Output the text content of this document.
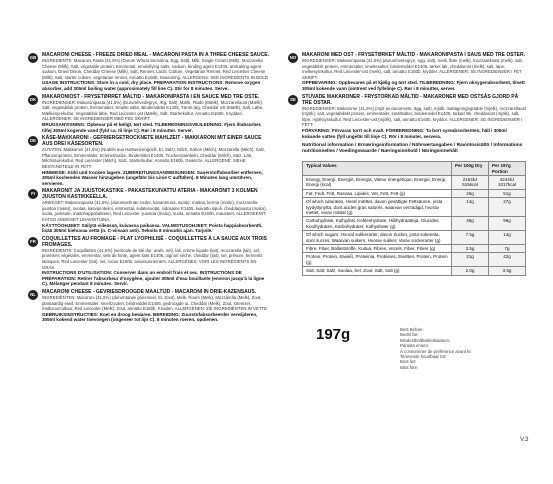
GB	MACARONI CHEESE - FREEZE DRIED MEAL - MACARONI PASTA IN A THREE CHEESE SAUCE.
INGREDIENTS: Macaroni Pasta (41.5%) (Durum Wheat Semolina, Egg, Salt), Milk, Single Cream (Milk), Mozzarella Cheese (Milk), Salt, vegetable protein, Emmental, emulsifying salts, sodium, binding agent E1405, anticaking agent sodium, Dried Onion, Cheddar Cheese (Milk), Salt, Rennet, Lactic Culture, Vegetarian Rennet, Red Leicester Cheese (Milk), Salt, starter culture, vegetarian rennet, Annatto E160b, Seasoning. ALLERGENS: SEE INGREDIENTS IN BOLD
USAGE INSTRUCTIONS: Store in a cool, dry place. PREPARATION INSTRUCTIONS: Remove oxygen absorber, add 305ml boiling water (approximately fill line C). Stir for 8 minutes. Serve.
DK	MAKARONIOST - FRYSETØRRET MÅLTID - MAKARONIPASTA I EN SAUCE MED TRE OSTE.
INGREDIENSER: Makaronipasta (41,5%) (Durumhvedegryn, Æg, Salt), Mælk, Fløde (Mælk), Mozzarellaost (Mælk), Salt, vegetabilsk protein, Emmentaler, Smelte salte, Bindemiddel E1405, Tørret løg, Cheddar ost (Mælk), Salt, Løbe, Mælkesyrekultur, Vegetabilsk løbe, Red Leicester ost (Mælk), Salt, Starterkultur, Annatto E160b, Krydderi. ALLERGENER: SE INGREDIENSER MED FED SKRIFT.
BRUGSANVISNING: Opbevar på et køligt, tørt sted. TILBEREDNINGSVEJLEDNING: Fjern iltabsorber, tilføj 305ml kogende vand (fyld ca. til linje C). Rør i 8 minutter. Server.
DE	KÄSE-MAKKARONI - GEFRIERGETROCKNETE MAHLZEIT - MAKKARONI MIT EINER SAUCE AUS DREI KÄSESORTEN.
ZUTATEN: Makkaroni (41,5%) (Nudeln aus Hartweizengrieß, Ei, Salz), Milch, Sahne (Milch), Mozzarella (Milch), Salz, Pflanzenprotein, Emmentaler, Schmelzsalze, Bindemittel E1405, Trockenzwiebeln, Cheddar (Milch), Salz, Lab, Milchsäurekultur, Red Leicester (Milch), Salz, Starterkultur, Annatto E160b, Gewürze. ALLERGENE: SIEHE BESTANDTEILE IN FETT.
HINWEISE: Kühl und trocken lagern. ZUBEREITUNGSANWEISUNGEN: Sauerstoffabsorber entfernen, 305ml kochendes Wasser hinzugeben (ungefähr bis Linie C auffüllen). 8 Minuten lang umrühren, servieren.
FI	MAKARONIT JA JUUSTOKASTIKE - PAKASTEKUIVATTU ATERIA - MAKARONIT 3 KOLMEN JUUSTON KASTIKKEELLA.
AINEKSET: Makaronipasta (41,5%) (durumvehnän rouhe, kananmuna, suola), maitoa, kerma (maito), mozzarella-juustoa (maito), suolaa, kasviproteiini, emmental, sulatesuolat, sidosaine E1405, kuivattu sipuli, cheddarjuusto (maito), suola, juoksute, maitohappobakteeri, Red Leicester -juustoa (maito), suola, annatto E160b, mausteet. ALLERGEENIT: KATSO AINEKSET LIHAVOITUINA.
KÄYTTÖOHJEET: Säilytä viileässä, kuivassa paikassa. VALMISTUSOHJEET: Poista happiabsorbentti, lisää 305ml kiehuvaa vettä (n. C-viivaan asti). Sekoita 8 minuutin ajan. Tarjoile.
FR	COQUILLETTES AU FROMAGE - PLAT LYOPHILISÉ - COQUILLETTES À LA SAUCE AUX TROIS FROMAGES.
INGRÉDIENTS: Coquillettes (41,5%) (semoule de blé dur, œufs, sel), lait, crème liquide (lait), mozzarella (lait), sel, protéines végétales, emmental, sels de fonte, agent liant E1405, oignon séché, cheddar (lait), sel, présure, ferments lactiques, Red Leicester (lait), sel, rocou E160b, assaisonnement. ALLERGÈNES: VOIR LES INGRÉDIENTS EN GRAS.
INSTRUCTIONS D'UTILISATION: Conserver dans un endroit frais et sec. INSTRUCTIONS DE PRÉPARATION: Retirer l'absorbeur d'oxygène, ajouter 305ml d'eau bouillante (environ jusqu'à la ligne C). Mélanger pendant 8 minutes. Servir.
NL	MACARONI CHEESE - GEVRIESDROOGDE MAALTIJD - MACARONI IN DRIE-KAZENSAUS.
INGREDIËNTEN: Macaroni (41,5%) (durumtarwe griesmeel, Ei, Zout), Melk, Room (Melk), Mozzarella (Melk), Zout, plantaardig eiwit, Emmentaler, smeltzouten, bindmiddel E1405, gedroogde ui, Cheddar (Melk), Zout, stremsel, melkzuurcultuur, Red Leicester (Melk), Zout, annatto E160b, Kruiden. ALLERGENEN: ZIE INGREDIËNTEN IN VETTE.
GEBRUIKSINSTRUCTIES: Koel en droog bewaren. BEREIDING: Zuurstofabsorbeerder verwijderen, 305ml kokend water toevoegen (ongeveer tot lijn C). 8 minuten roeren, opdienen.
NO	MAKARONI MED OST - FRYSETØRKET MÅLTID - MAKARONIPASTA I SAUS MED TRE OSTER.
INGREDIENSER: Makaronipasta (41,5%) (durumhvetegryn, egg, salt), melk, fløte (melk), mozzarellaost (melk), salt, vegetabilsk protein, emmentaler, smeltesalter, bindemiddel E1405, tørket løk, cheddarost (melk), salt, løpe, melkesyrekultur, Red Leicester-ost (melk), salt, annatto E160b, krydder. ALLERGENER: SE INGREDIENSER I FET SKRIFT.
OPPBEVARING: Oppbevares på et kjølig og tørt sted. TILBEREDNING: Fjern oksygenabsorbent, tilsett 305ml kokende vann (omtrent ved fyllelinje C). Rør i 8 minutter, server.
SE	STUVADE MAKARONER - FRYSTORKAD MÅLTID - MAKARONER MED OSTSÅS GJORD PÅ TRE OSTAR.
INGREDIENSER: Makaroner (41,5%) (mjöl av durumvete, ägg, salt), mjölk, matlagningsgrädde (mjölk), mozzarellaost (mjölk), salt, vegetabiliskt protein, emmentaler, smältsalter, bindemedel E1405, torkad lök, cheddarost (mjölk), salt, löpe, mjölksyrakultur, Red Leicester-ost (mjölk), salt, annatto E160b, kryddor. ALLERGENER: SE INGREDIENSER I FETT.
FÖRVARING: Förvaras torrt och svalt. FÖRBEREDNING: Ta bort syreabsorbenten, häll i 305ml kokande vatten (fyll ungefär till linje C). Rör i 8 minuter, servera.
Nutritional information / Ernæringsinformation / Nährwertangaben / Ravintosisältö / Informations nutritionnelles / Voedingswaarde / Næringsinnhold / Näringsinnehåll
Typical Values	Per 100g Dry	Per 197g Portion
Energy, Energi, Energie, Energia, Valeur énergétique, Energie, Energi, Energi (kcal)	2154kJ 515kcal	4244kJ 1017kcal
Fat, Fedt, Fett, Rasvaa, Lipides, Vet, Fett, Fett (g)	26g	51g
Of which saturates, Heraf mættet, davon gesättigte Fettsäuren, josta tyydyttynyttä, dont acides gras saturés, waarvan verzadigd, hvorav mettet, varav mättat (g)	14g	27g
Carbohydrate, Kulhydrat, Kohlenhydrate, Hiilihydraatteja, Glucides, Koolhydraten, Karbohydrater, Kolhydrater (g)	48g	96g
Of which sugars, Hvoraf sukkerarter, davon Zucker, josta sokereita, dont sucres, Waarvan suikers, Hvorav sukker, Varav sockerarter (g)	7.5g	14g
Fibre, Fiber, Ballaststoffe, Kuitua, Fibres, Vezels, Fiber, Fibrer (g)	3.5g	7g
Protein, Protein, Eiweiß, Proteiinia, Protéines, Eiwitten, Protein, Protein (g)	21g	42g
Salt, Salt, Salz, Suolaa, Sel, Zout, Salt, Salt (g)	2.0g	3.9g
197g	Best Before:
Bedst før:
Mindesthaltbarkeitsdatum:
Parasta ennen:
À consommer de préférence avant le:
Tenminste houdbaar tot:
Best før:
Bäst före:
V.3
